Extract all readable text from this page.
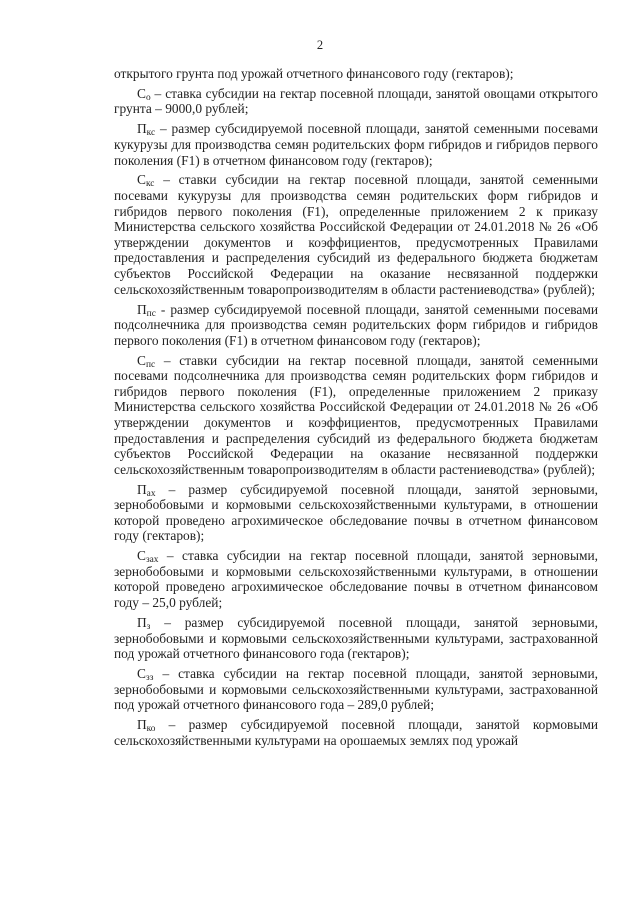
2

открытого грунта под урожай отчетного финансового году (гектаров);

$С_о$ – ставка субсидии на гектар посевной площади, занятой овощами открытого грунта – 9000,0 рублей;

$П_{кс}$ – размер субсидируемой посевной площади, занятой семенными посевами кукурузы для производства семян родительских форм гибридов и гибридов первого поколения (F1) в отчетном финансовом году (гектаров);

$С_{кс}$ – ставки субсидии на гектар посевной площади, занятой семенными посевами кукурузы для производства семян родительских форм гибридов и гибридов первого поколения (F1), определенные приложением 2 к приказу Министерства сельского хозяйства Российской Федерации от 24.01.2018 № 26 «Об утверждении документов и коэффициентов, предусмотренных Правилами предоставления и распределения субсидий из федерального бюджета бюджетам субъектов Российской Федерации на оказание несвязанной поддержки сельскохозяйственным товаропроизводителям в области растениеводства» (рублей);

$П_{пс}$ - размер субсидируемой посевной площади, занятой семенными посевами подсолнечника для производства семян родительских форм гибридов и гибридов первого поколения (F1) в отчетном финансовом году (гектаров);

$С_{пс}$ – ставки субсидии на гектар посевной площади, занятой семенными посевами подсолнечника для производства семян родительских форм гибридов и гибридов первого поколения (F1), определенные приложением 2 приказу Министерства сельского хозяйства Российской Федерации от 24.01.2018 № 26 «Об утверждении документов и коэффициентов, предусмотренных Правилами предоставления и распределения субсидий из федерального бюджета бюджетам субъектов Российской Федерации на оказание несвязанной поддержки сельскохозяйственным товаропроизводителям в области растениеводства» (рублей);

$П_{ах}$ – размер субсидируемой посевной площади, занятой зерновыми, зернобобовыми и кормовыми сельскохозяйственными культурами, в отношении которой проведено агрохимическое обследование почвы в отчетном финансовом году (гектаров);

$С_{зах}$ – ставка субсидии на гектар посевной площади, занятой зерновыми, зернобобовыми и кормовыми сельскохозяйственными культурами, в отношении которой проведено агрохимическое обследование почвы в отчетном финансовом году – 25,0 рублей;

$П_з$ – размер субсидируемой посевной площади, занятой зерновыми, зернобобовыми и кормовыми сельскохозяйственными культурами, застрахованной под урожай отчетного финансового года (гектаров);

$С_{зз}$ – ставка субсидии на гектар посевной площади, занятой зерновыми, зернобобовыми и кормовыми сельскохозяйственными культурами, застрахованной под урожай отчетного финансового года – 289,0 рублей;

$П_{ко}$ – размер субсидируемой посевной площади, занятой кормовыми сельскохозяйственными культурами на орошаемых землях под урожай
